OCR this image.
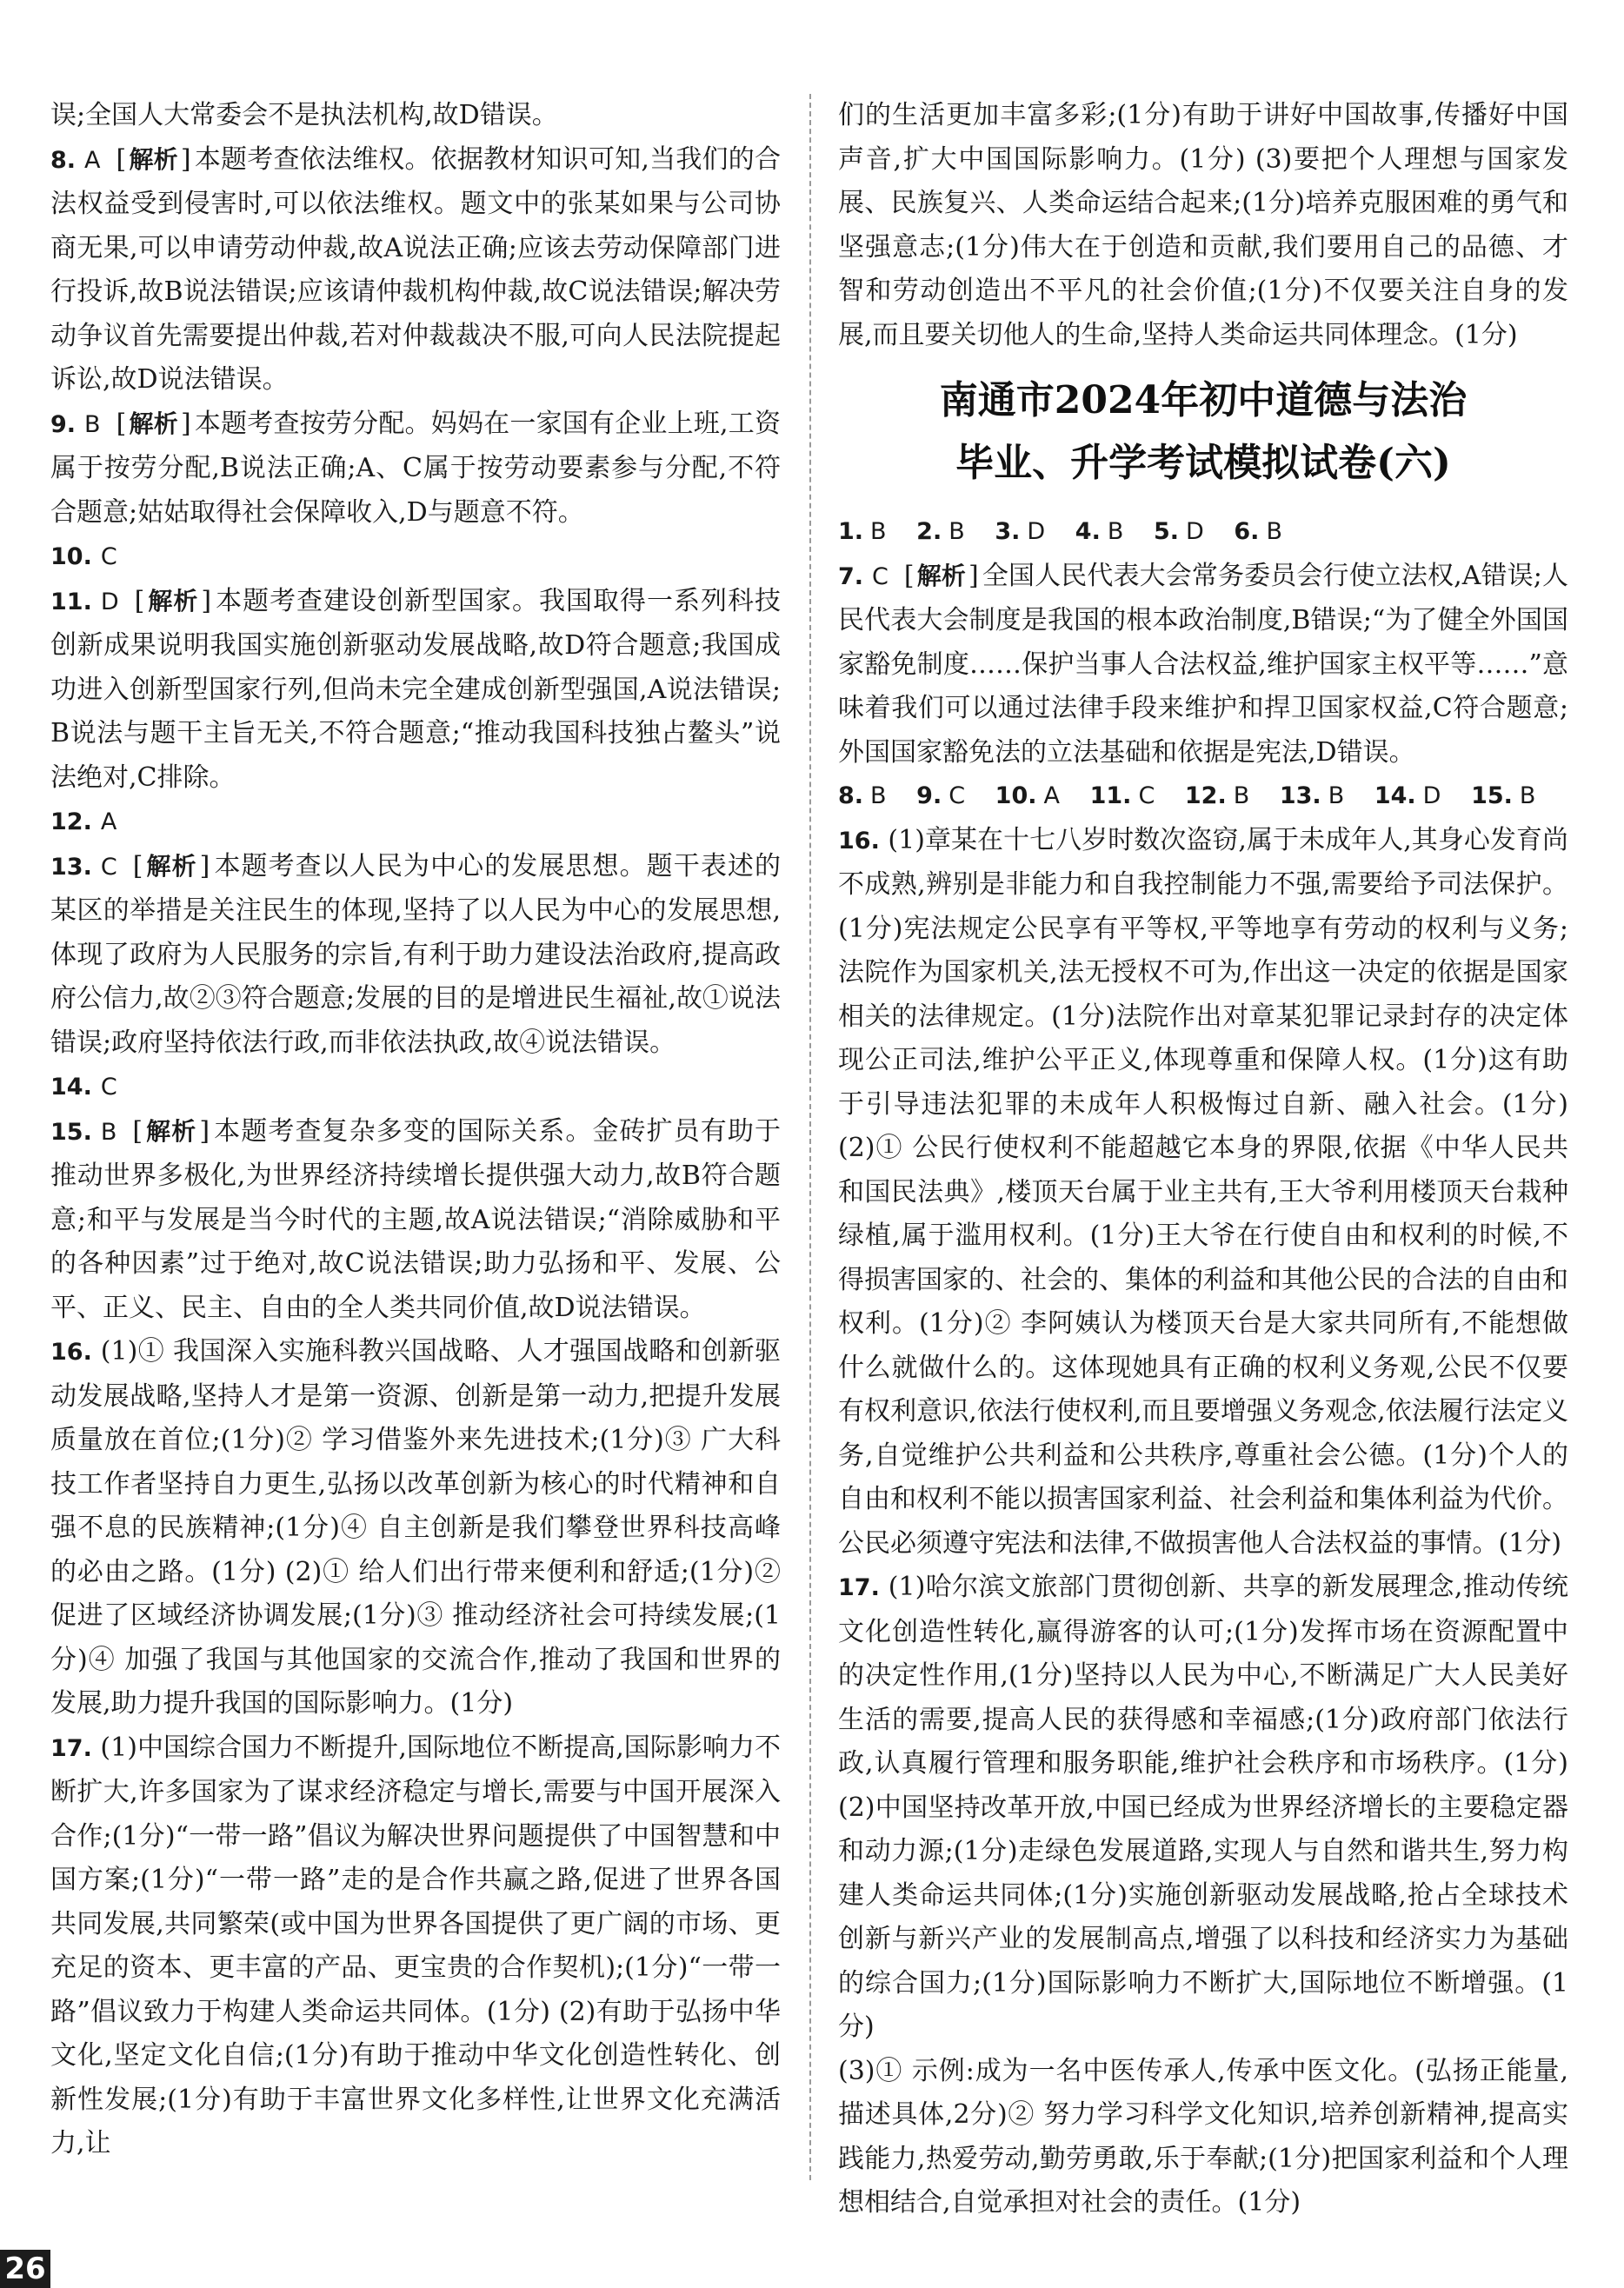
误;全国人大常委会不是执法机构,故D错误。

8. A [ 解析 ] 本题考查依法维权。依据教材知识可知,当我们的合法权益受到侵害时,可以依法维权。题文中的张某如果与公司协商无果,可以申请劳动仲裁,故A说法正确;应该去劳动保障部门进行投诉,故B说法错误;应该请仲裁机构仲裁,故C说法错误;解决劳动争议首先需要提出仲裁,若对仲裁裁决不服,可向人民法院提起诉讼,故D说法错误。

9. B [ 解析 ] 本题考查按劳分配。妈妈在一家国有企业上班,工资属于按劳分配,B说法正确;A、C属于按劳动要素参与分配,不符合题意;姑姑取得社会保障收入,D与题意不符。

10. C

11. D [ 解析 ] 本题考查建设创新型国家。我国取得一系列科技创新成果说明我国实施创新驱动发展战略,故D符合题意;我国成功进入创新型国家行列,但尚未完全建成创新型强国,A说法错误;B说法与题干主旨无关,不符合题意;“推动我国科技独占鳌头”说法绝对,C排除。

12. A

13. C [ 解析 ] 本题考查以人民为中心的发展思想。题干表述的某区的举措是关注民生的体现,坚持了以人民为中心的发展思想,体现了政府为人民服务的宗旨,有利于助力建设法治政府,提高政府公信力,故②③符合题意;发展的目的是增进民生福祉,故①说法错误;政府坚持依法行政,而非依法执政,故④说法错误。

14. C

15. B [ 解析 ] 本题考查复杂多变的国际关系。金砖扩员有助于推动世界多极化,为世界经济持续增长提供强大动力,故B符合题意;和平与发展是当今时代的主题,故A说法错误;“消除威胁和平的各种因素”过于绝对,故C说法错误;助力弘扬和平、发展、公平、正义、民主、自由的全人类共同价值,故D说法错误。

16. (1)① 我国深入实施科教兴国战略、人才强国战略和创新驱动发展战略,坚持人才是第一资源、创新是第一动力,把提升发展质量放在首位;(1分)② 学习借鉴外来先进技术;(1分)③ 广大科技工作者坚持自力更生,弘扬以改革创新为核心的时代精神和自强不息的民族精神;(1分)④ 自主创新是我们攀登世界科技高峰的必由之路。(1分) (2)① 给人们出行带来便利和舒适;(1分)② 促进了区域经济协调发展;(1分)③ 推动经济社会可持续发展;(1分)④ 加强了我国与其他国家的交流合作,推动了我国和世界的发展,助力提升我国的国际影响力。(1分)

17. (1)中国综合国力不断提升,国际地位不断提高,国际影响力不断扩大,许多国家为了谋求经济稳定与增长,需要与中国开展深入合作;(1分)“一带一路”倡议为解决世界问题提供了中国智慧和中国方案;(1分)“一带一路”走的是合作共赢之路,促进了世界各国共同发展,共同繁荣(或中国为世界各国提供了更广阔的市场、更充足的资本、更丰富的产品、更宝贵的合作契机);(1分)“一带一路”倡议致力于构建人类命运共同体。(1分) (2)有助于弘扬中华文化,坚定文化自信;(1分)有助于推动中华文化创造性转化、创新性发展;(1分)有助于丰富世界文化多样性,让世界文化充满活力,让

们的生活更加丰富多彩;(1分)有助于讲好中国故事,传播好中国声音,扩大中国国际影响力。(1分) (3)要把个人理想与国家发展、民族复兴、人类命运结合起来;(1分)培养克服困难的勇气和坚强意志;(1分)伟大在于创造和贡献,我们要用自己的品德、才智和劳动创造出不平凡的社会价值;(1分)不仅要关注自身的发展,而且要关切他人的生命,坚持人类命运共同体理念。(1分)

南通市2024年初中道德与法治
毕业、升学考试模拟试卷(六)

1. B 2. B 3. D 4. B 5. D 6. B

7. C [ 解析 ] 全国人民代表大会常务委员会行使立法权,A错误;人民代表大会制度是我国的根本政治制度,B错误;“为了健全外国国家豁免制度……保护当事人合法权益,维护国家主权平等……”意味着我们可以通过法律手段来维护和捍卫国家权益,C符合题意;外国国家豁免法的立法基础和依据是宪法,D错误。

8. B 9. C 10. A 11. C 12. B 13. B 14. D 15. B

16. (1)章某在十七八岁时数次盗窃,属于未成年人,其身心发育尚不成熟,辨别是非能力和自我控制能力不强,需要给予司法保护。(1分)宪法规定公民享有平等权,平等地享有劳动的权利与义务;法院作为国家机关,法无授权不可为,作出这一决定的依据是国家相关的法律规定。(1分)法院作出对章某犯罪记录封存的决定体现公正司法,维护公平正义,体现尊重和保障人权。(1分)这有助于引导违法犯罪的未成年人积极悔过自新、融入社会。(1分) (2)① 公民行使权利不能超越它本身的界限,依据《中华人民共和国民法典》,楼顶天台属于业主共有,王大爷利用楼顶天台栽种绿植,属于滥用权利。(1分)王大爷在行使自由和权利的时候,不得损害国家的、社会的、集体的利益和其他公民的合法的自由和权利。(1分)② 李阿姨认为楼顶天台是大家共同所有,不能想做什么就做什么的。这体现她具有正确的权利义务观,公民不仅要有权利意识,依法行使权利,而且要增强义务观念,依法履行法定义务,自觉维护公共利益和公共秩序,尊重社会公德。(1分)个人的自由和权利不能以损害国家利益、社会利益和集体利益为代价。公民必须遵守宪法和法律,不做损害他人合法权益的事情。(1分)

17. (1)哈尔滨文旅部门贯彻创新、共享的新发展理念,推动传统文化创造性转化,赢得游客的认可;(1分)发挥市场在资源配置中的决定性作用,(1分)坚持以人民为中心,不断满足广大人民美好生活的需要,提高人民的获得感和幸福感;(1分)政府部门依法行政,认真履行管理和服务职能,维护社会秩序和市场秩序。(1分) (2)中国坚持改革开放,中国已经成为世界经济增长的主要稳定器和动力源;(1分)走绿色发展道路,实现人与自然和谐共生,努力构建人类命运共同体;(1分)实施创新驱动发展战略,抢占全球技术创新与新兴产业的发展制高点,增强了以科技和经济实力为基础的综合国力;(1分)国际影响力不断扩大,国际地位不断增强。(1分)

(3)① 示例:成为一名中医传承人,传承中医文化。(弘扬正能量,描述具体,2分)② 努力学习科学文化知识,培养创新精神,提高实践能力,热爱劳动,勤劳勇敢,乐于奉献;(1分)把国家利益和个人理想相结合,自觉承担对社会的责任。(1分)

26
